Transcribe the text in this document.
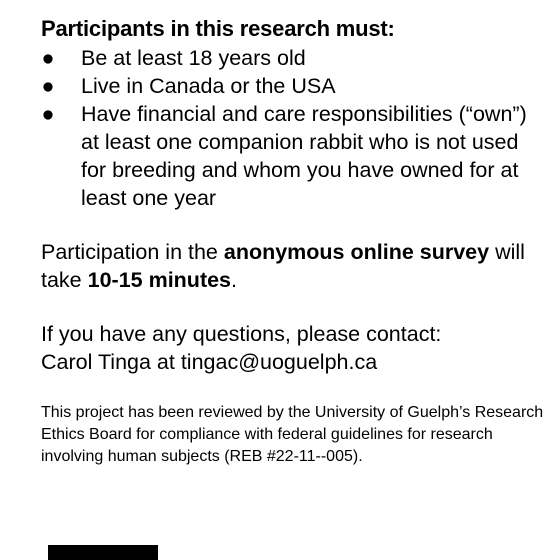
Participants in this research must:

● Be at least 18 years old
● Live in Canada or the USA
● Have financial and care responsibilities (“own”) at least one companion rabbit who is not used for breeding and whom you have owned for at least one year

Participation in the anonymous online survey will take 10-15 minutes.

If you have any questions, please contact:
Carol Tinga at tingac@uoguelph.ca

This project has been reviewed by the University of Guelph’s Research Ethics Board for compliance with federal guidelines for research involving human subjects (REB #22-11--005).
